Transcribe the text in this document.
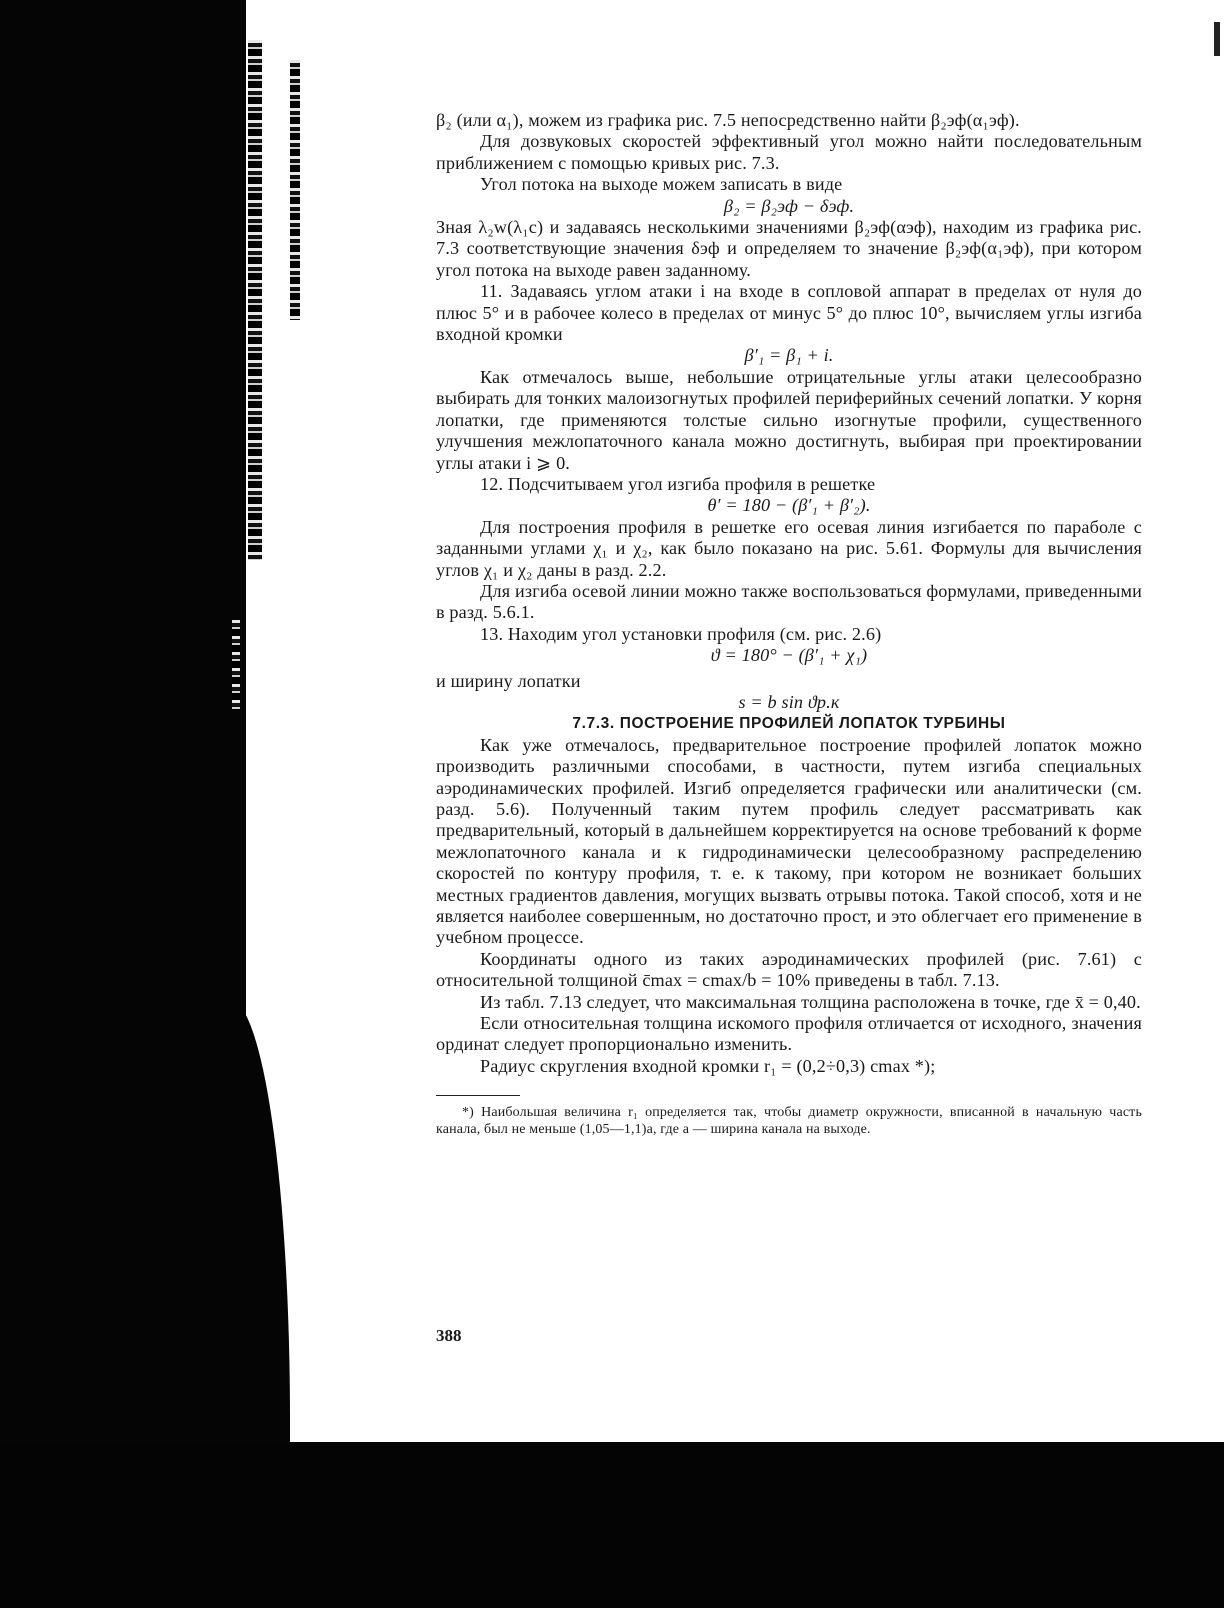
β₂ (или α₁), можем из графика рис. 7.5 непосредственно найти β₂эф(α₁эф).

Для дозвуковых скоростей эффективный угол можно найти последовательным приближением с помощью кривых рис. 7.3.

Угол потока на выходе можем записать в виде

β₂ = β₂эф − δэф.

Зная λ₂w(λ₁c) и задаваясь несколькими значениями β₂эф(αэф), находим из графика рис. 7.3 соответствующие значения δэф и определяем то значение β₂эф(α₁эф), при котором угол потока на выходе равен заданному.

11. Задаваясь углом атаки i на входе в сопловой аппарат в пределах от нуля до плюс 5° и в рабочее колесо в пределах от минус 5° до плюс 10°, вычисляем углы изгиба входной кромки

β′₁ = β₁ + i.

Как отмечалось выше, небольшие отрицательные углы атаки целесообразно выбирать для тонких малоизогнутых профилей периферийных сечений лопатки. У корня лопатки, где применяются толстые сильно изогнутые профили, существенного улучшения межлопаточного канала можно достигнуть, выбирая при проектировании углы атаки i ⩾ 0.

12. Подсчитываем угол изгиба профиля в решетке

θ′ = 180 − (β′₁ + β′₂).

Для построения профиля в решетке его осевая линия изгибается по параболе с заданными углами χ₁ и χ₂, как было показано на рис. 5.61. Формулы для вычисления углов χ₁ и χ₂ даны в разд. 2.2.

Для изгиба осевой линии можно также воспользоваться формулами, приведенными в разд. 5.6.1.

13. Находим угол установки профиля (см. рис. 2.6)

ϑ = 180° − (β′₁ + χ₁)

и ширину лопатки

s = b sin ϑр.к

7.7.3. ПОСТРОЕНИЕ ПРОФИЛЕЙ ЛОПАТОК ТУРБИНЫ

Как уже отмечалось, предварительное построение профилей лопаток можно производить различными способами, в частности, путем изгиба специальных аэродинамических профилей. Изгиб определяется графически или аналитически (см. разд. 5.6). Полученный таким путем профиль следует рассматривать как предварительный, который в дальнейшем корректируется на основе требований к форме межлопаточного канала и к гидродинамически целесообразному распределению скоростей по контуру профиля, т. е. к такому, при котором не возникает больших местных градиентов давления, могущих вызвать отрывы потока. Такой способ, хотя и не является наиболее совершенным, но достаточно прост, и это облегчает его применение в учебном процессе.

Координаты одного из таких аэродинамических профилей (рис. 7.61) с относительной толщиной c̄max = cmax/b = 10% приведены в табл. 7.13.

Из табл. 7.13 следует, что максимальная толщина расположена в точке, где x̄ = 0,40.

Если относительная толщина искомого профиля отличается от исходного, значения ординат следует пропорционально изменить.

Радиус скругления входной кромки r₁ = (0,2÷0,3) cmax *);

*) Наибольшая величина r₁ определяется так, чтобы диаметр окружности, вписанной в начальную часть канала, был не меньше (1,05—1,1)a, где a — ширина канала на выходе.

388
